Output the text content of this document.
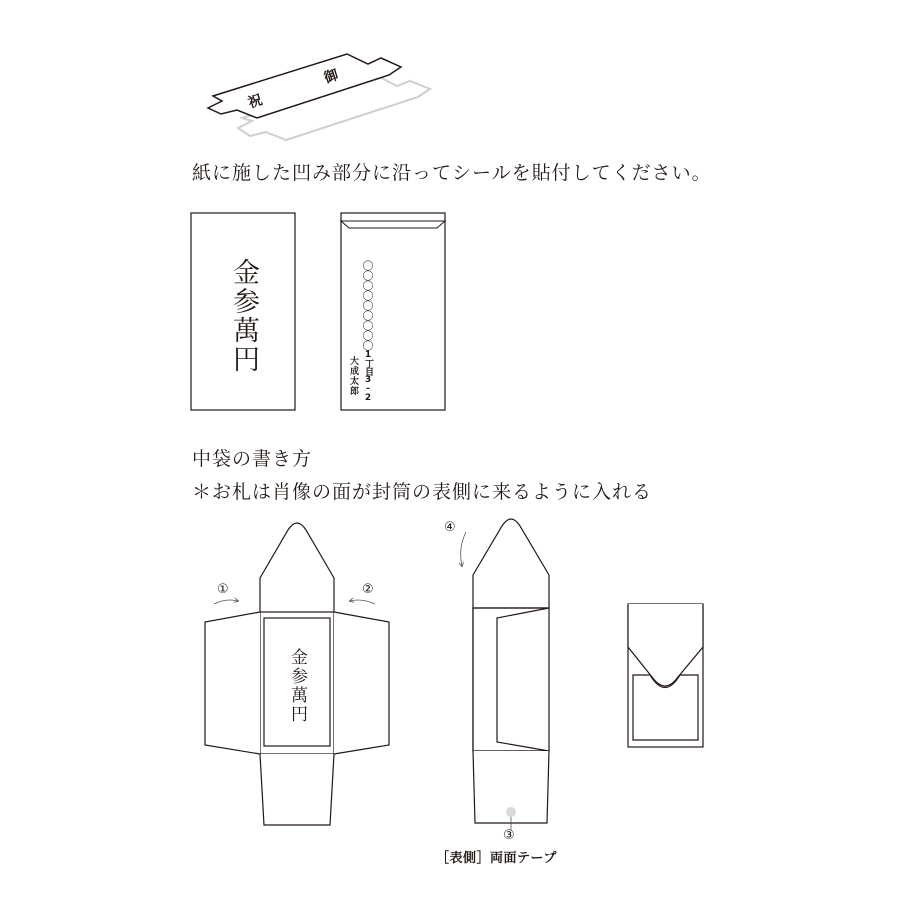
御
祝
紙に施した凹み部分に沿ってシールを貼付してください。
金参萬円	〇〇〇〇〇〇〇〇〇
1丁目3-2
大成太郎
中袋の書き方
＊お札は肖像の面が封筒の表側に来るように入れる
①	②
④
③
金参萬円
［表側］両面テープ
